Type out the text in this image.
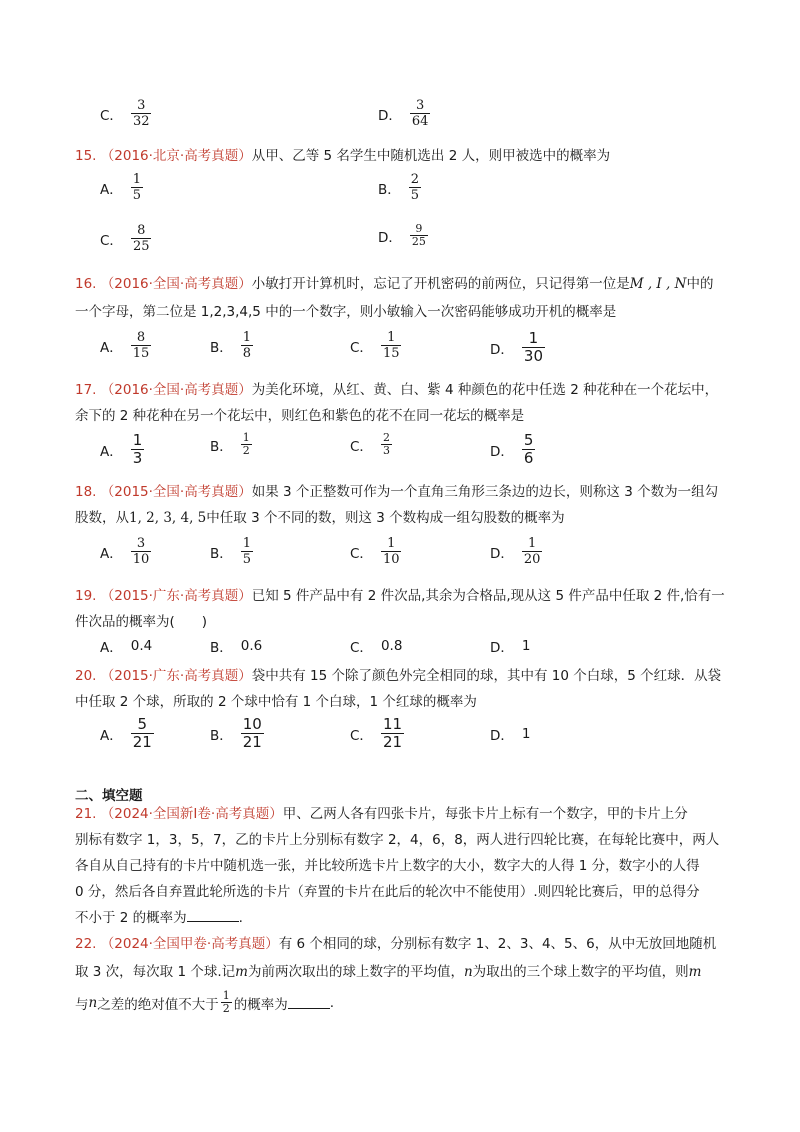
C． $\frac{3}{32}$	D． $\frac{3}{64}$
15. （2016·北京·高考真题）从甲、乙等 5 名学生中随机选出 2 人，则甲被选中的概率为
A． $\frac{1}{5}$	B． $\frac{2}{5}$
C． $\frac{8}{25}$	D． $\frac{9}{25}$
16. （2016·全国·高考真题）小敏打开计算机时，忘记了开机密码的前两位，只记得第一位是M , I , N中的
一个字母，第二位是 1,2,3,4,5 中的一个数字，则小敏输入一次密码能够成功开机的概率是
A． $\frac{8}{15}$	B． $\frac{1}{8}$	C． $\frac{1}{15}$	D． $\frac{1}{30}$
17. （2016·全国·高考真题）为美化环境，从红、黄、白、紫 4 种颜色的花中任选 2 种花种在一个花坛中，
余下的 2 种花种在另一个花坛中，则红色和紫色的花不在同一花坛的概率是
A． $\frac{1}{3}$	B． $\frac{1}{2}$	C． $\frac{2}{3}$	D． $\frac{5}{6}$
18. （2015·全国·高考真题）如果 3 个正整数可作为一个直角三角形三条边的边长，则称这 3 个数为一组勾
股数，从1, 2, 3, 4, 5中任取 3 个不同的数，则这 3 个数构成一组勾股数的概率为
A． $\frac{3}{10}$	B． $\frac{1}{5}$	C． $\frac{1}{10}$	D． $\frac{1}{20}$
19. （2015·广东·高考真题）已知 5 件产品中有 2 件次品,其余为合格品,现从这 5 件产品中任取 2 件,恰有一
件次品的概率为(　　)
A． 0.4	B． 0.6	C． 0.8	D． 1
20. （2015·广东·高考真题）袋中共有 15 个除了颜色外完全相同的球，其中有 10 个白球，5 个红球．从袋
中任取 2 个球，所取的 2 个球中恰有 1 个白球，1 个红球的概率为
A． $\frac{5}{21}$	B． $\frac{10}{21}$	C． $\frac{11}{21}$	D． 1
二、填空题
21. （2024·全国新Ⅰ卷·高考真题）甲、乙两人各有四张卡片，每张卡片上标有一个数字，甲的卡片上分
别标有数字 1，3，5，7，乙的卡片上分别标有数字 2，4，6，8，两人进行四轮比赛，在每轮比赛中，两人
各自从自己持有的卡片中随机选一张，并比较所选卡片上数字的大小，数字大的人得 1 分，数字小的人得
0 分，然后各自弃置此轮所选的卡片（弃置的卡片在此后的轮次中不能使用）.则四轮比赛后，甲的总得分
不小于 2 的概率为	.
22. （2024·全国甲卷·高考真题）有 6 个相同的球，分别标有数字 1、2、3、4、5、6，从中无放回地随机
取 3 次，每次取 1 个球.记m为前两次取出的球上数字的平均值，n为取出的三个球上数字的平均值，则m
与 n 之差的绝对值不大于 $\frac{1}{2}$ 的概率为	.
